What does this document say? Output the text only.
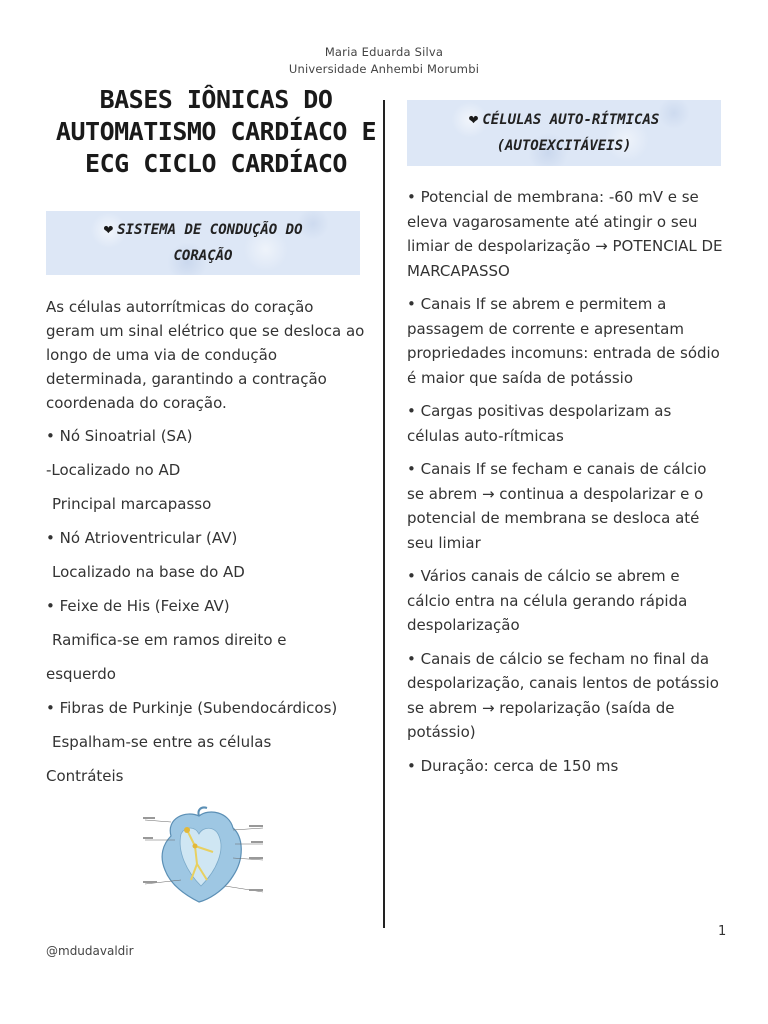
Maria Eduarda Silva
Universidade Anhembi Morumbi
BASES IÔNICAS DO
AUTOMATISMO CARDÍACO E
ECG CICLO CARDÍACO
❤ SISTEMA DE CONDUÇÃO DO
CORAÇÃO
❤ CÉLULAS AUTO-RÍTMICAS
(AUTOEXCITÁVEIS)

As células autorrítmicas do coração geram um sinal elétrico que se desloca ao longo de uma via de condução determinada, garantindo a contração coordenada do coração.

• Nó Sinoatrial (SA)

-Localizado no AD

Principal marcapasso

• Nó Atrioventricular (AV)

Localizado na base do AD

• Feixe de His (Feixe AV)

Ramifica-se em ramos direito e

esquerdo

• Fibras de Purkinje (Subendocárdicos)

Espalham-se entre as células

Contráteis

• Potencial de membrana: -60 mV e se eleva vagarosamente até atingir o seu limiar de despolarização → POTENCIAL DE MARCAPASSO

• Canais If se abrem e permitem a passagem de corrente e apresentam propriedades incomuns: entrada de sódio é maior que saída de potássio

• Cargas positivas despolarizam as células auto-rítmicas

• Canais If se fecham e canais de cálcio se abrem → continua a despolarizar e o potencial de membrana se desloca até seu limiar

• Vários canais de cálcio se abrem e cálcio entra na célula gerando rápida despolarização

• Canais de cálcio se fecham no final da despolarização, canais lentos de potássio se abrem → repolarização (saída de potássio)

• Duração: cerca de 150 ms

@mdudavaldir
1
